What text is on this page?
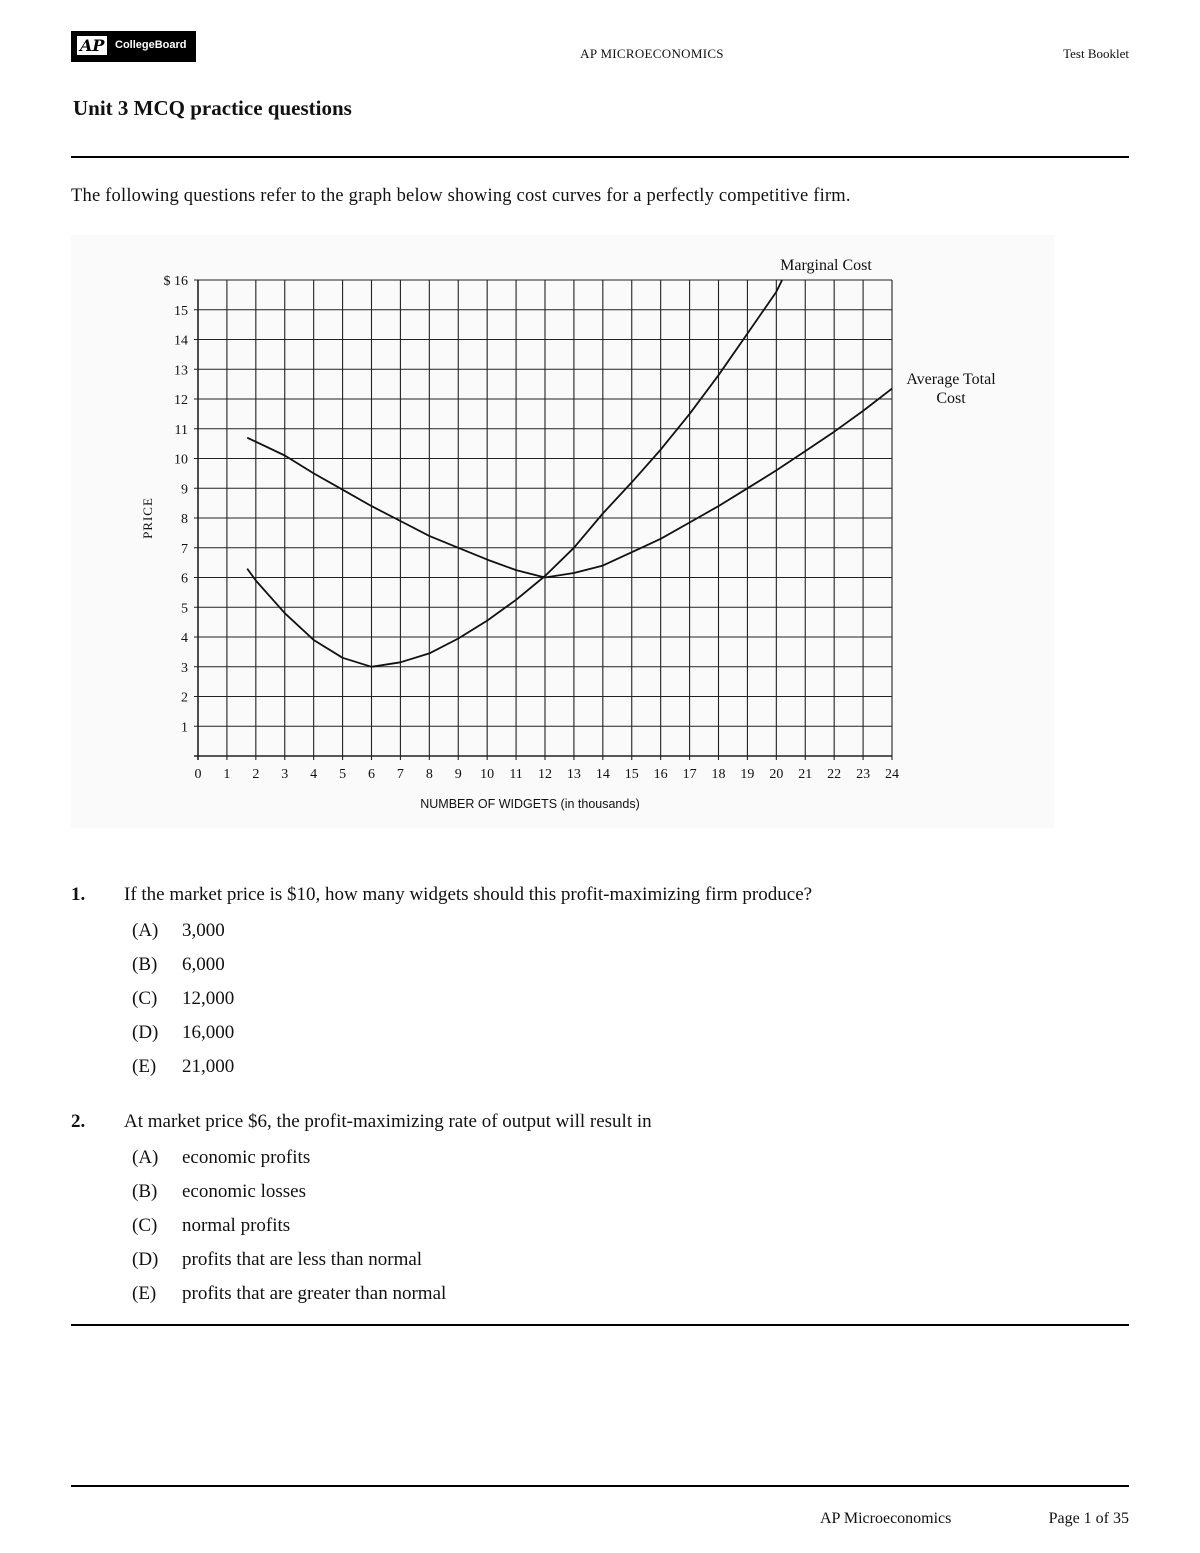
AP CollegeBoard
AP MICROECONOMICS	Test Booklet
Unit 3 MCQ practice questions
The following questions refer to the graph below showing cost curves for a perfectly competitive firm.
0 1 2 3 4 5 6 7 8 9 10 11 12 13 14 15 16 17 18 19 20 21 22 23 24
$ 16
15
14
13
12
11
10
9
8
7
6
5
4
3
2
1
NUMBER OF WIDGETS (in thousands)
PRICE
Marginal Cost
Average Total
Cost
1. If the market price is $10, how many widgets should this profit-maximizing firm produce?
(A) 3,000
(B) 6,000
(C) 12,000
(D) 16,000
(E) 21,000
2. At market price $6, the profit-maximizing rate of output will result in
(A) economic profits
(B) economic losses
(C) normal profits
(D) profits that are less than normal
(E) profits that are greater than normal
AP Microeconomics	Page 1 of 35
